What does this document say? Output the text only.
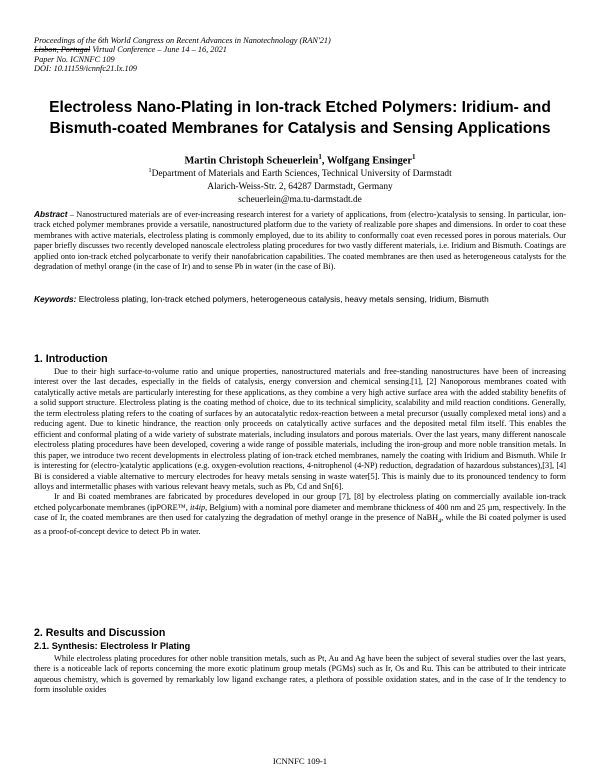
Proceedings of the 6th World Congress on Recent Advances in Nanotechnology (RAN'21)
Lisbon, Portugal Virtual Conference – June 14 – 16, 2021
Paper No. ICNNFC 109
DOI: 10.11159/icnnfc21.lx.109
Electroless Nano-Plating in Ion-track Etched Polymers: Iridium- and Bismuth-coated Membranes for Catalysis and Sensing Applications
Martin Christoph Scheuerlein$^1$, Wolfgang Ensinger$^1$
$^1$Department of Materials and Earth Sciences, Technical University of Darmstadt
Alarich-Weiss-Str. 2, 64287 Darmstadt, Germany
scheuerlein@ma.tu-darmstadt.de
Abstract – Nanostructured materials are of ever-increasing research interest for a variety of applications, from (electro-)catalysis to sensing. In particular, ion-track etched polymer membranes provide a versatile, nanostructured platform due to the variety of realizable pore shapes and dimensions. In order to coat these membranes with active materials, electroless plating is commonly employed, due to its ability to conformally coat even recessed pores in porous materials. Our paper briefly discusses two recently developed nanoscale electroless plating procedures for two vastly different materials, i.e. Iridium and Bismuth. Coatings are applied onto ion-track etched polycarbonate to verify their nanofabrication capabilities. The coated membranes are then used as heterogeneous catalysts for the degradation of methyl orange (in the case of Ir) and to sense Pb in water (in the case of Bi).
Keywords: Electroless plating, Ion-track etched polymers, heterogeneous catalysis, heavy metals sensing, Iridium, Bismuth
1. Introduction

Due to their high surface-to-volume ratio and unique properties, nanostructured materials and free-standing nanostructures have been of increasing interest over the last decades, especially in the fields of catalysis, energy conversion and chemical sensing.[1], [2] Nanoporous membranes coated with catalytically active metals are particularly interesting for these applications, as they combine a very high active surface area with the added stability benefits of a solid support structure. Electroless plating is the coating method of choice, due to its technical simplicity, scalability and mild reaction conditions. Generally, the term electroless plating refers to the coating of surfaces by an autocatalytic redox-reaction between a metal precursor (usually complexed metal ions) and a reducing agent. Due to kinetic hindrance, the reaction only proceeds on catalytically active surfaces and the deposited metal film itself. This enables the efficient and conformal plating of a wide variety of substrate materials, including insulators and porous materials. Over the last years, many different nanoscale electroless plating procedures have been developed, covering a wide range of possible materials, including the iron-group and more noble transition metals. In this paper, we introduce two recent developments in electroless plating of ion-track etched membranes, namely the coating with Iridium and Bismuth. While Ir is interesting for (electro-)catalytic applications (e.g. oxygen-evolution reactions, 4-nitrophenol (4-NP) reduction, degradation of hazardous substances),[3], [4] Bi is considered a viable alternative to mercury electrodes for heavy metals sensing in waste water[5]. This is mainly due to its pronounced tendency to form alloys and intermetallic phases with various relevant heavy metals, such as Pb, Cd and Sn[6].

Ir and Bi coated membranes are fabricated by procedures developed in our group [7], [8] by electroless plating on commercially available ion-track etched polycarbonate membranes (ipPORE™, it4ip, Belgium) with a nominal pore diameter and membrane thickness of 400 nm and 25 µm, respectively. In the case of Ir, the coated membranes are then used for catalyzing the degradation of methyl orange in the presence of NaBH$_4$, while the Bi coated polymer is used as a proof-of-concept device to detect Pb in water.

2. Results and Discussion
2.1. Synthesis: Electroless Ir Plating

While electroless plating procedures for other noble transition metals, such as Pt, Au and Ag have been the subject of several studies over the last years, there is a noticeable lack of reports concerning the more exotic platinum group metals (PGMs) such as Ir, Os and Ru. This can be attributed to their intricate aqueous chemistry, which is governed by remarkably low ligand exchange rates, a plethora of possible oxidation states, and in the case of Ir the tendency to form insoluble oxides

ICNNFC 109-1
